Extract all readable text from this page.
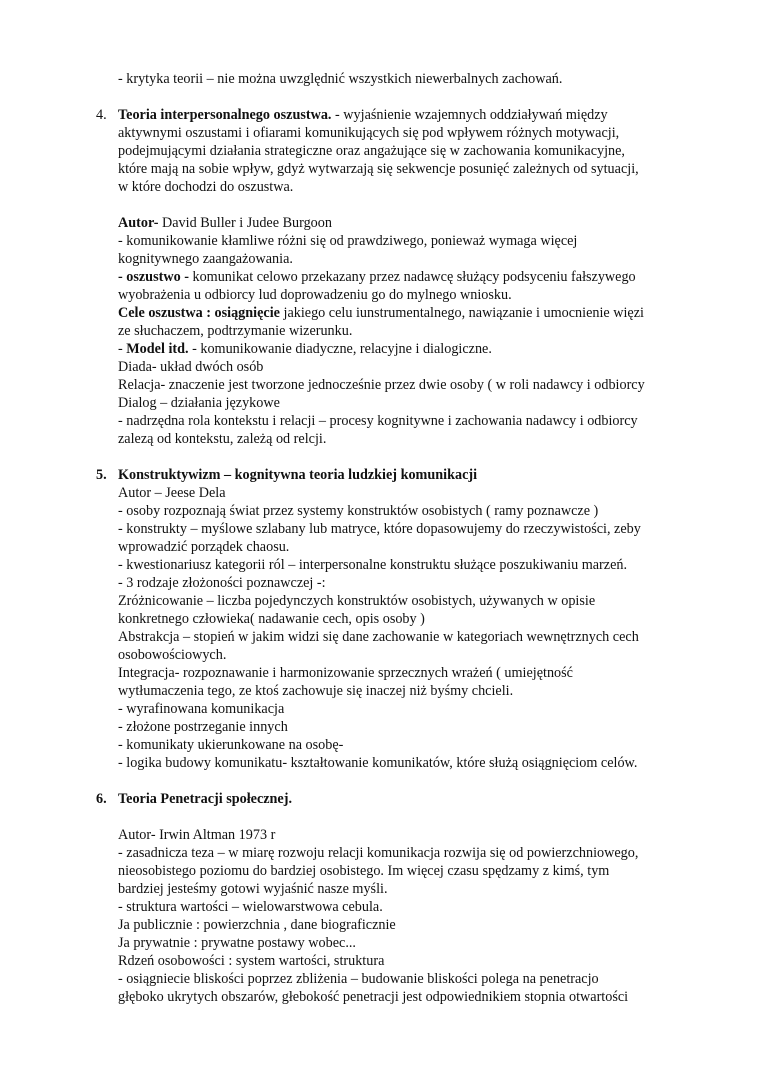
- krytyka teorii – nie można uwzględnić wszystkich niewerbalnych zachowań.
4. Teoria interpersonalnego oszustwa. - wyjaśnienie wzajemnych oddziaływań między
aktywnymi oszustami i ofiarami komunikujących się pod wpływem różnych motywacji,
podejmującymi działania strategiczne oraz angażujące się w zachowania komunikacyjne,
które mają na sobie wpływ, gdyż wytwarzają się sekwencje posunięć zależnych od sytuacji,
w które dochodzi do oszustwa.
Autor- David Buller i Judee Burgoon
- komunikowanie kłamliwe różni się od prawdziwego, ponieważ wymaga więcej
kognitywnego zaangażowania.
- oszustwo - komunikat celowo przekazany przez nadawcę służący podsyceniu fałszywego
wyobrażenia u odbiorcy lud doprowadzeniu go do mylnego wniosku.
Cele oszustwa : osiągnięcie jakiego celu iunstrumentalnego, nawiązanie i umocnienie więzi
ze słuchaczem, podtrzymanie wizerunku.
- Model itd. - komunikowanie diadyczne, relacyjne i dialogiczne.
Diada- układ dwóch osób
Relacja- znaczenie jest tworzone jednocześnie przez dwie osoby ( w roli nadawcy i odbiorcy
Dialog – działania językowe
- nadrzędna rola kontekstu i relacji – procesy kognitywne i zachowania nadawcy i odbiorcy
zalezą od kontekstu, zależą od relcji.
5. Konstruktywizm – kognitywna teoria ludzkiej komunikacji
Autor – Jeese Dela
- osoby rozpoznają świat przez systemy konstruktów osobistych ( ramy poznawcze )
- konstrukty – myślowe szlabany lub matryce, które dopasowujemy do rzeczywistości, zeby
wprowadzić porządek chaosu.
- kwestionariusz kategorii ról – interpersonalne konstruktu służące poszukiwaniu marzeń.
- 3 rodzaje złożoności poznawczej -:
Zróżnicowanie – liczba pojedynczych konstruktów osobistych, używanych w opisie
konkretnego człowieka( nadawanie cech, opis osoby )
Abstrakcja – stopień w jakim widzi się dane zachowanie w kategoriach wewnętrznych cech
osobowościowych.
Integracja- rozpoznawanie i harmonizowanie sprzecznych wrażeń ( umiejętność
wytłumaczenia tego, ze ktoś zachowuje się inaczej niż byśmy chcieli.
- wyrafinowana komunikacja
- złożone postrzeganie innych
- komunikaty ukierunkowane na osobę-
- logika budowy komunikatu- kształtowanie komunikatów, które służą osiągnięciom celów.
6. Teoria Penetracji społecznej.
Autor- Irwin Altman 1973 r
- zasadnicza teza – w miarę rozwoju relacji komunikacja rozwija się od powierzchniowego,
nieosobistego poziomu do bardziej osobistego. Im więcej czasu spędzamy z kimś, tym
bardziej jesteśmy gotowi wyjaśnić nasze myśli.
- struktura wartości – wielowarstwowa cebula.
Ja publicznie : powierzchnia , dane biograficznie
Ja prywatnie : prywatne postawy wobec...
Rdzeń osobowości : system wartości, struktura
- osiągniecie bliskości poprzez zbliżenia – budowanie bliskości polega na penetracjo
głęboko ukrytych obszarów, głebokość penetracji jest odpowiednikiem stopnia otwartości
